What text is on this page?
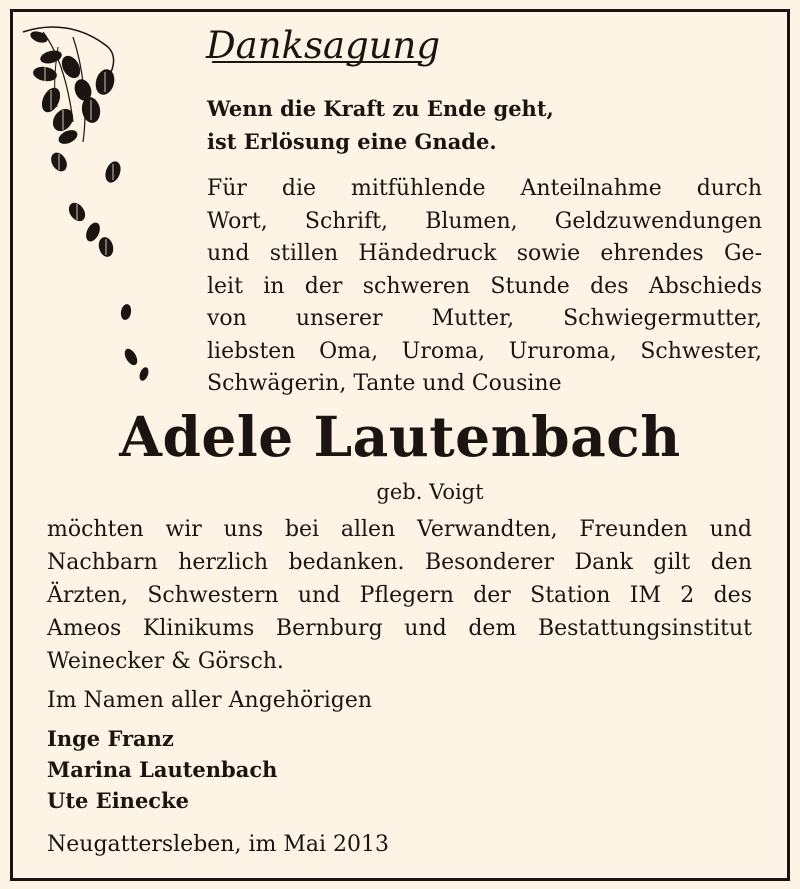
Danksagung
Wenn die Kraft zu Ende geht,
ist Erlösung eine Gnade.
Für die mitfühlende Anteilnahme durch
Wort, Schrift, Blumen, Geldzuwendungen
und stillen Händedruck sowie ehrendes Ge-
leit in der schweren Stunde des Abschieds
von unserer Mutter, Schwiegermutter,
liebsten Oma, Uroma, Ururoma, Schwester,
Schwägerin, Tante und Cousine
Adele Lautenbach
geb. Voigt
möchten wir uns bei allen Verwandten, Freunden und
Nachbarn herzlich bedanken. Besonderer Dank gilt den
Ärzten, Schwestern und Pflegern der Station IM 2 des
Ameos Klinikums Bernburg und dem Bestattungsinstitut
Weinecker & Görsch.
Im Namen aller Angehörigen
Inge Franz
Marina Lautenbach
Ute Einecke
Neugattersleben, im Mai 2013
